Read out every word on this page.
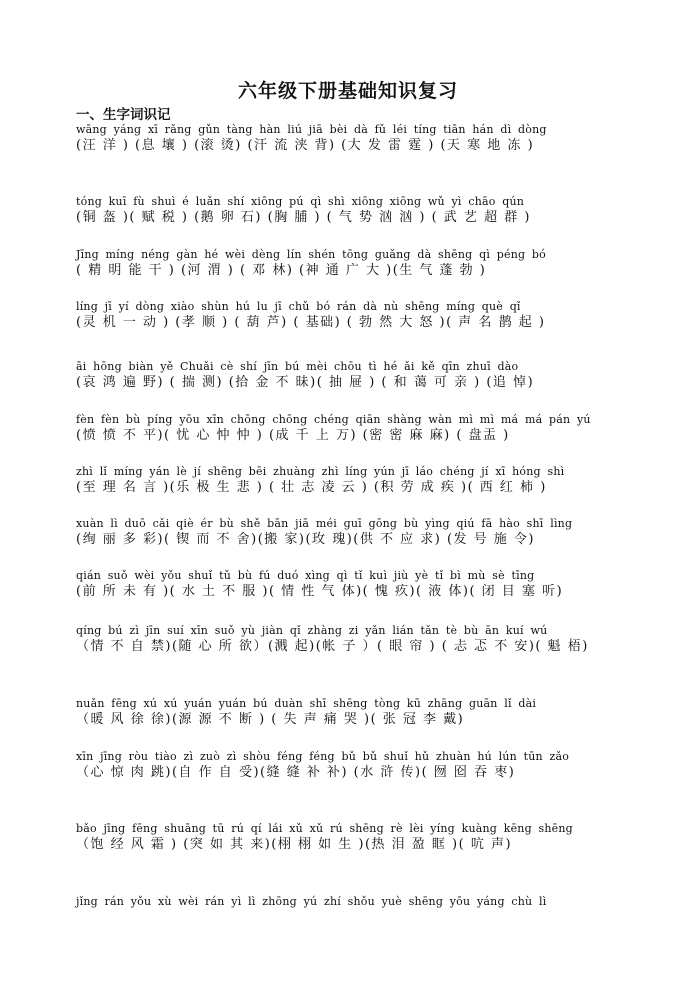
六年级下册基础知识复习
一、生字词识记
wāng yáng xī rǎng gǔn tàng hàn liú jiā bèi dà fǔ léi tíng tiān hán dì dòng
(汪 洋 ) (息 壤 ) (滚 烫) (汗 流 浃 背) (大 发 雷 霆 ) (天 寒 地 冻 )
tóng kuī fù shuì é luǎn shí xiōng pú qì shì xiōng xiōng wǔ yì chāo qún
(铜 盔 )( 赋 税 ) (鹅 卵 石) (胸 脯 ) ( 气 势 汹 汹 ) ( 武 艺 超 群 )
Jīng míng néng gàn hé wèi dèng lín shén tōng guǎng dà shēng qì péng bó
( 精 明 能 干 ) (河 渭 ) ( 邓 林) (神 通 广 大 )(生 气 蓬 勃 )
líng jī yí dòng xiào shùn hú lu jī chǔ bó rán dà nù shēng míng què qǐ
(灵 机 一 动 ) (孝 顺 ) ( 葫 芦) ( 基础) ( 勃 然 大 怒 )( 声 名 鹊 起 )
āi hōng biàn yě Chuǎi cè shí jīn bú mèi chōu tì hé ǎi kě qīn zhuī dào
(哀 鸿 遍 野) ( 揣 测) (拾 金 不 昧)( 抽 屉 ) ( 和 蔼 可 亲 ) (追 悼)
fèn fèn bù píng yōu xīn chōng chōng chéng qiān shàng wàn mì mì má má pán yú
(愤 愤 不 平)( 忧 心 忡 忡 ) (成 千 上 万) (密 密 麻 麻) ( 盘盂 )
zhì lǐ míng yán lè jí shēng bēi zhuàng zhì líng yún jī láo chéng jí xī hóng shì
(至 理 名 言 )(乐 极 生 悲 ) ( 壮 志 凌 云 ) (积 劳 成 疾 )( 西 红 柿 )
xuàn lì duō cǎi qiè ér bù shě bān jiā méi guī gōng bù yìng qiú fā hào shī lìng
(绚 丽 多 彩)( 锲 而 不 舍)(搬 家)(玫 瑰)(供 不 应 求) (发 号 施 令)
qián suǒ wèi yǒu shuǐ tǔ bù fú duó xìng qì tǐ kuì jiù yè tǐ bì mù sè tīng
(前 所 未 有 )( 水 土 不 服 )( 情 性 气 体)( 愧 疚)( 液 体)( 闭 目 塞 听)
qíng bú zì jīn suí xīn suǒ yù jiàn qǐ zhàng zi yǎn lián tǎn tè bù ān kuí wú
（情 不 自 禁)(随 心 所 欲）(溅 起)(帐 子 ）( 眼 帘 ) ( 忐 忑 不 安)( 魁 梧)
nuǎn fēng xú xú yuán yuán bú duàn shī shēng tòng kū zhāng guān lǐ dài
（暖 风 徐 徐)(源 源 不 断 ) ( 失 声 痛 哭 )( 张 冠 李 戴)
xīn jīng ròu tiào zì zuò zì shòu féng féng bǔ bǔ shuǐ hǔ zhuàn hú lún tūn zǎo
（心 惊 肉 跳)(自 作 自 受)(缝 缝 补 补) (水 浒 传)( 囫 囵 吞 枣)
bǎo jīng fēng shuāng tū rú qí lái xǔ xǔ rú shēng rè lèi yíng kuàng kēng shēng
（饱 经 风 霜 ) (突 如 其 来)(栩 栩 如 生 )(热 泪 盈 眶 )( 吭 声)
jǐng rán yǒu xù wèi rán yì lì zhōng yú zhí shǒu yuè shēng yōu yáng chù lì
